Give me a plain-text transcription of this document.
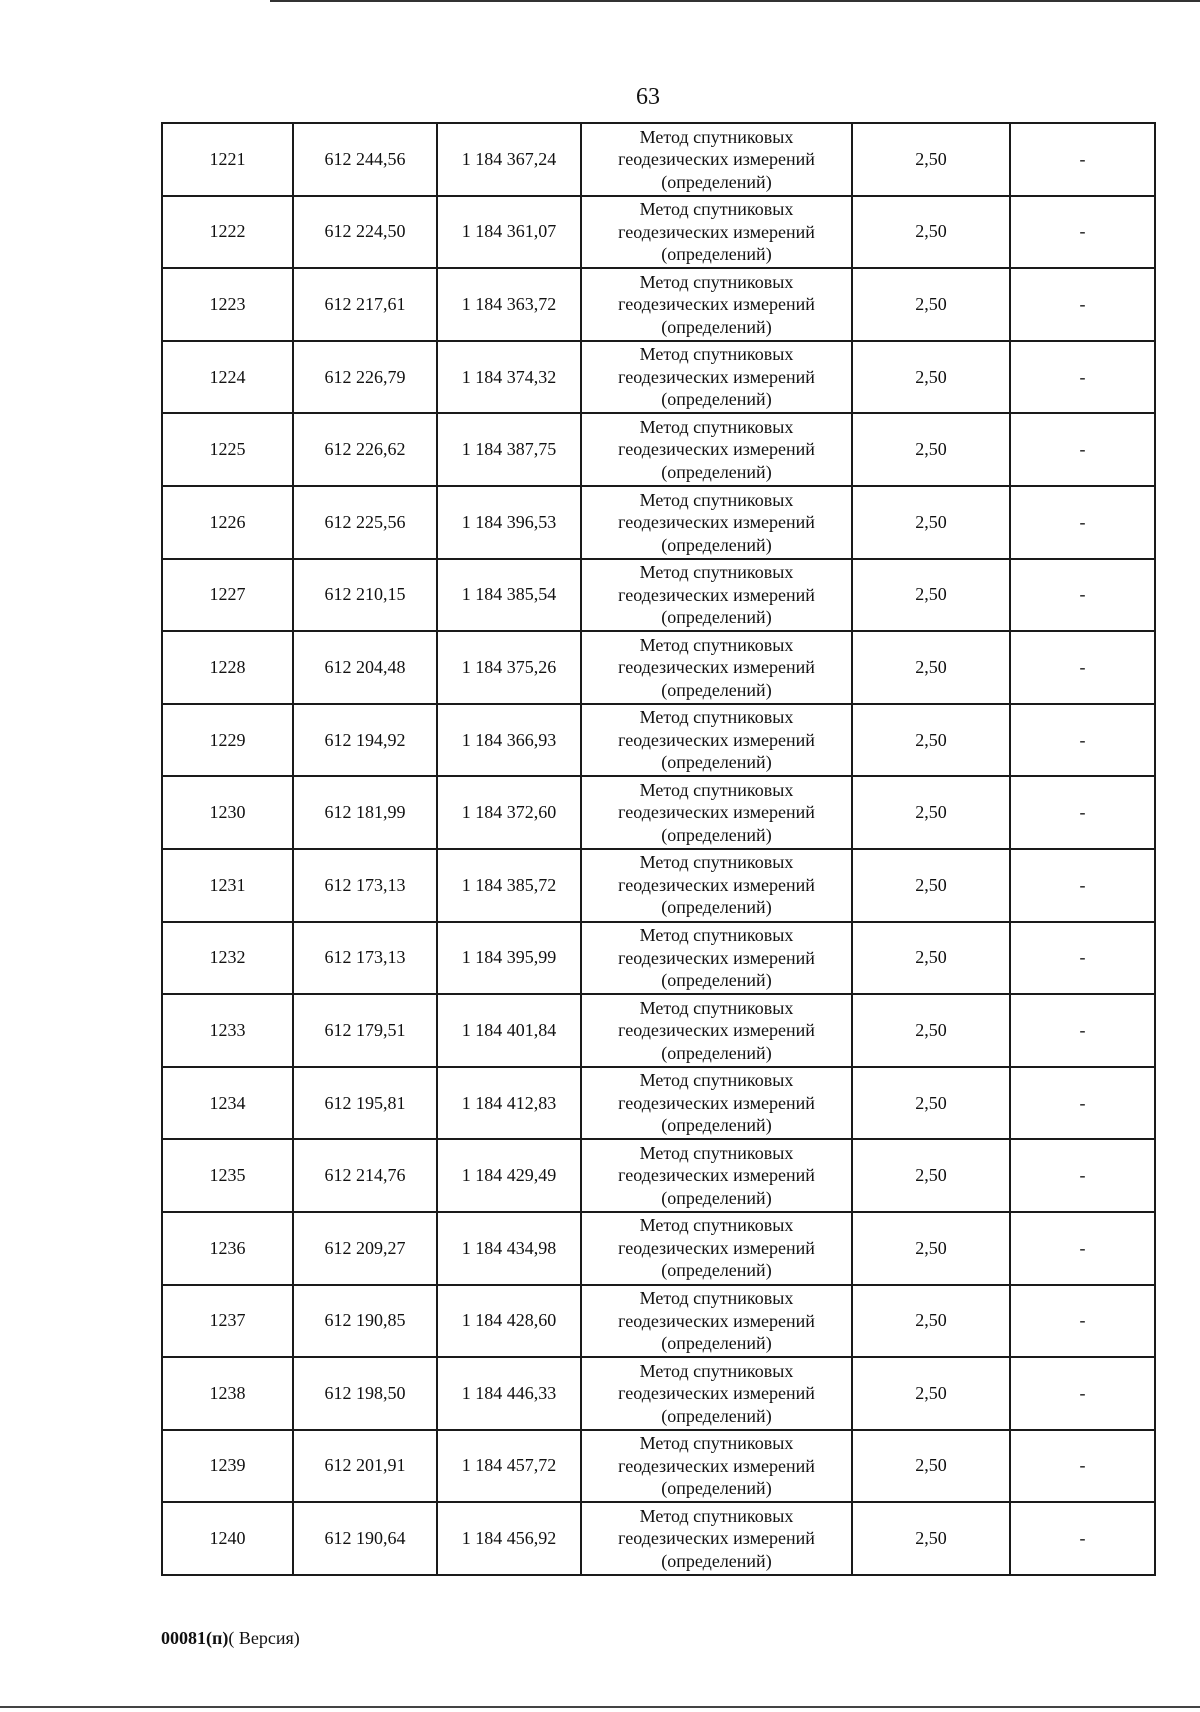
63
1221	612 244,56	1 184 367,24	Метод спутниковых
геодезических измерений
(определений)	2,50	-
1222	612 224,50	1 184 361,07	Метод спутниковых
геодезических измерений
(определений)	2,50	-
1223	612 217,61	1 184 363,72	Метод спутниковых
геодезических измерений
(определений)	2,50	-
1224	612 226,79	1 184 374,32	Метод спутниковых
геодезических измерений
(определений)	2,50	-
1225	612 226,62	1 184 387,75	Метод спутниковых
геодезических измерений
(определений)	2,50	-
1226	612 225,56	1 184 396,53	Метод спутниковых
геодезических измерений
(определений)	2,50	-
1227	612 210,15	1 184 385,54	Метод спутниковых
геодезических измерений
(определений)	2,50	-
1228	612 204,48	1 184 375,26	Метод спутниковых
геодезических измерений
(определений)	2,50	-
1229	612 194,92	1 184 366,93	Метод спутниковых
геодезических измерений
(определений)	2,50	-
1230	612 181,99	1 184 372,60	Метод спутниковых
геодезических измерений
(определений)	2,50	-
1231	612 173,13	1 184 385,72	Метод спутниковых
геодезических измерений
(определений)	2,50	-
1232	612 173,13	1 184 395,99	Метод спутниковых
геодезических измерений
(определений)	2,50	-
1233	612 179,51	1 184 401,84	Метод спутниковых
геодезических измерений
(определений)	2,50	-
1234	612 195,81	1 184 412,83	Метод спутниковых
геодезических измерений
(определений)	2,50	-
1235	612 214,76	1 184 429,49	Метод спутниковых
геодезических измерений
(определений)	2,50	-
1236	612 209,27	1 184 434,98	Метод спутниковых
геодезических измерений
(определений)	2,50	-
1237	612 190,85	1 184 428,60	Метод спутниковых
геодезических измерений
(определений)	2,50	-
1238	612 198,50	1 184 446,33	Метод спутниковых
геодезических измерений
(определений)	2,50	-
1239	612 201,91	1 184 457,72	Метод спутниковых
геодезических измерений
(определений)	2,50	-
1240	612 190,64	1 184 456,92	Метод спутниковых
геодезических измерений
(определений)	2,50	-
00081(п)( Версия)
